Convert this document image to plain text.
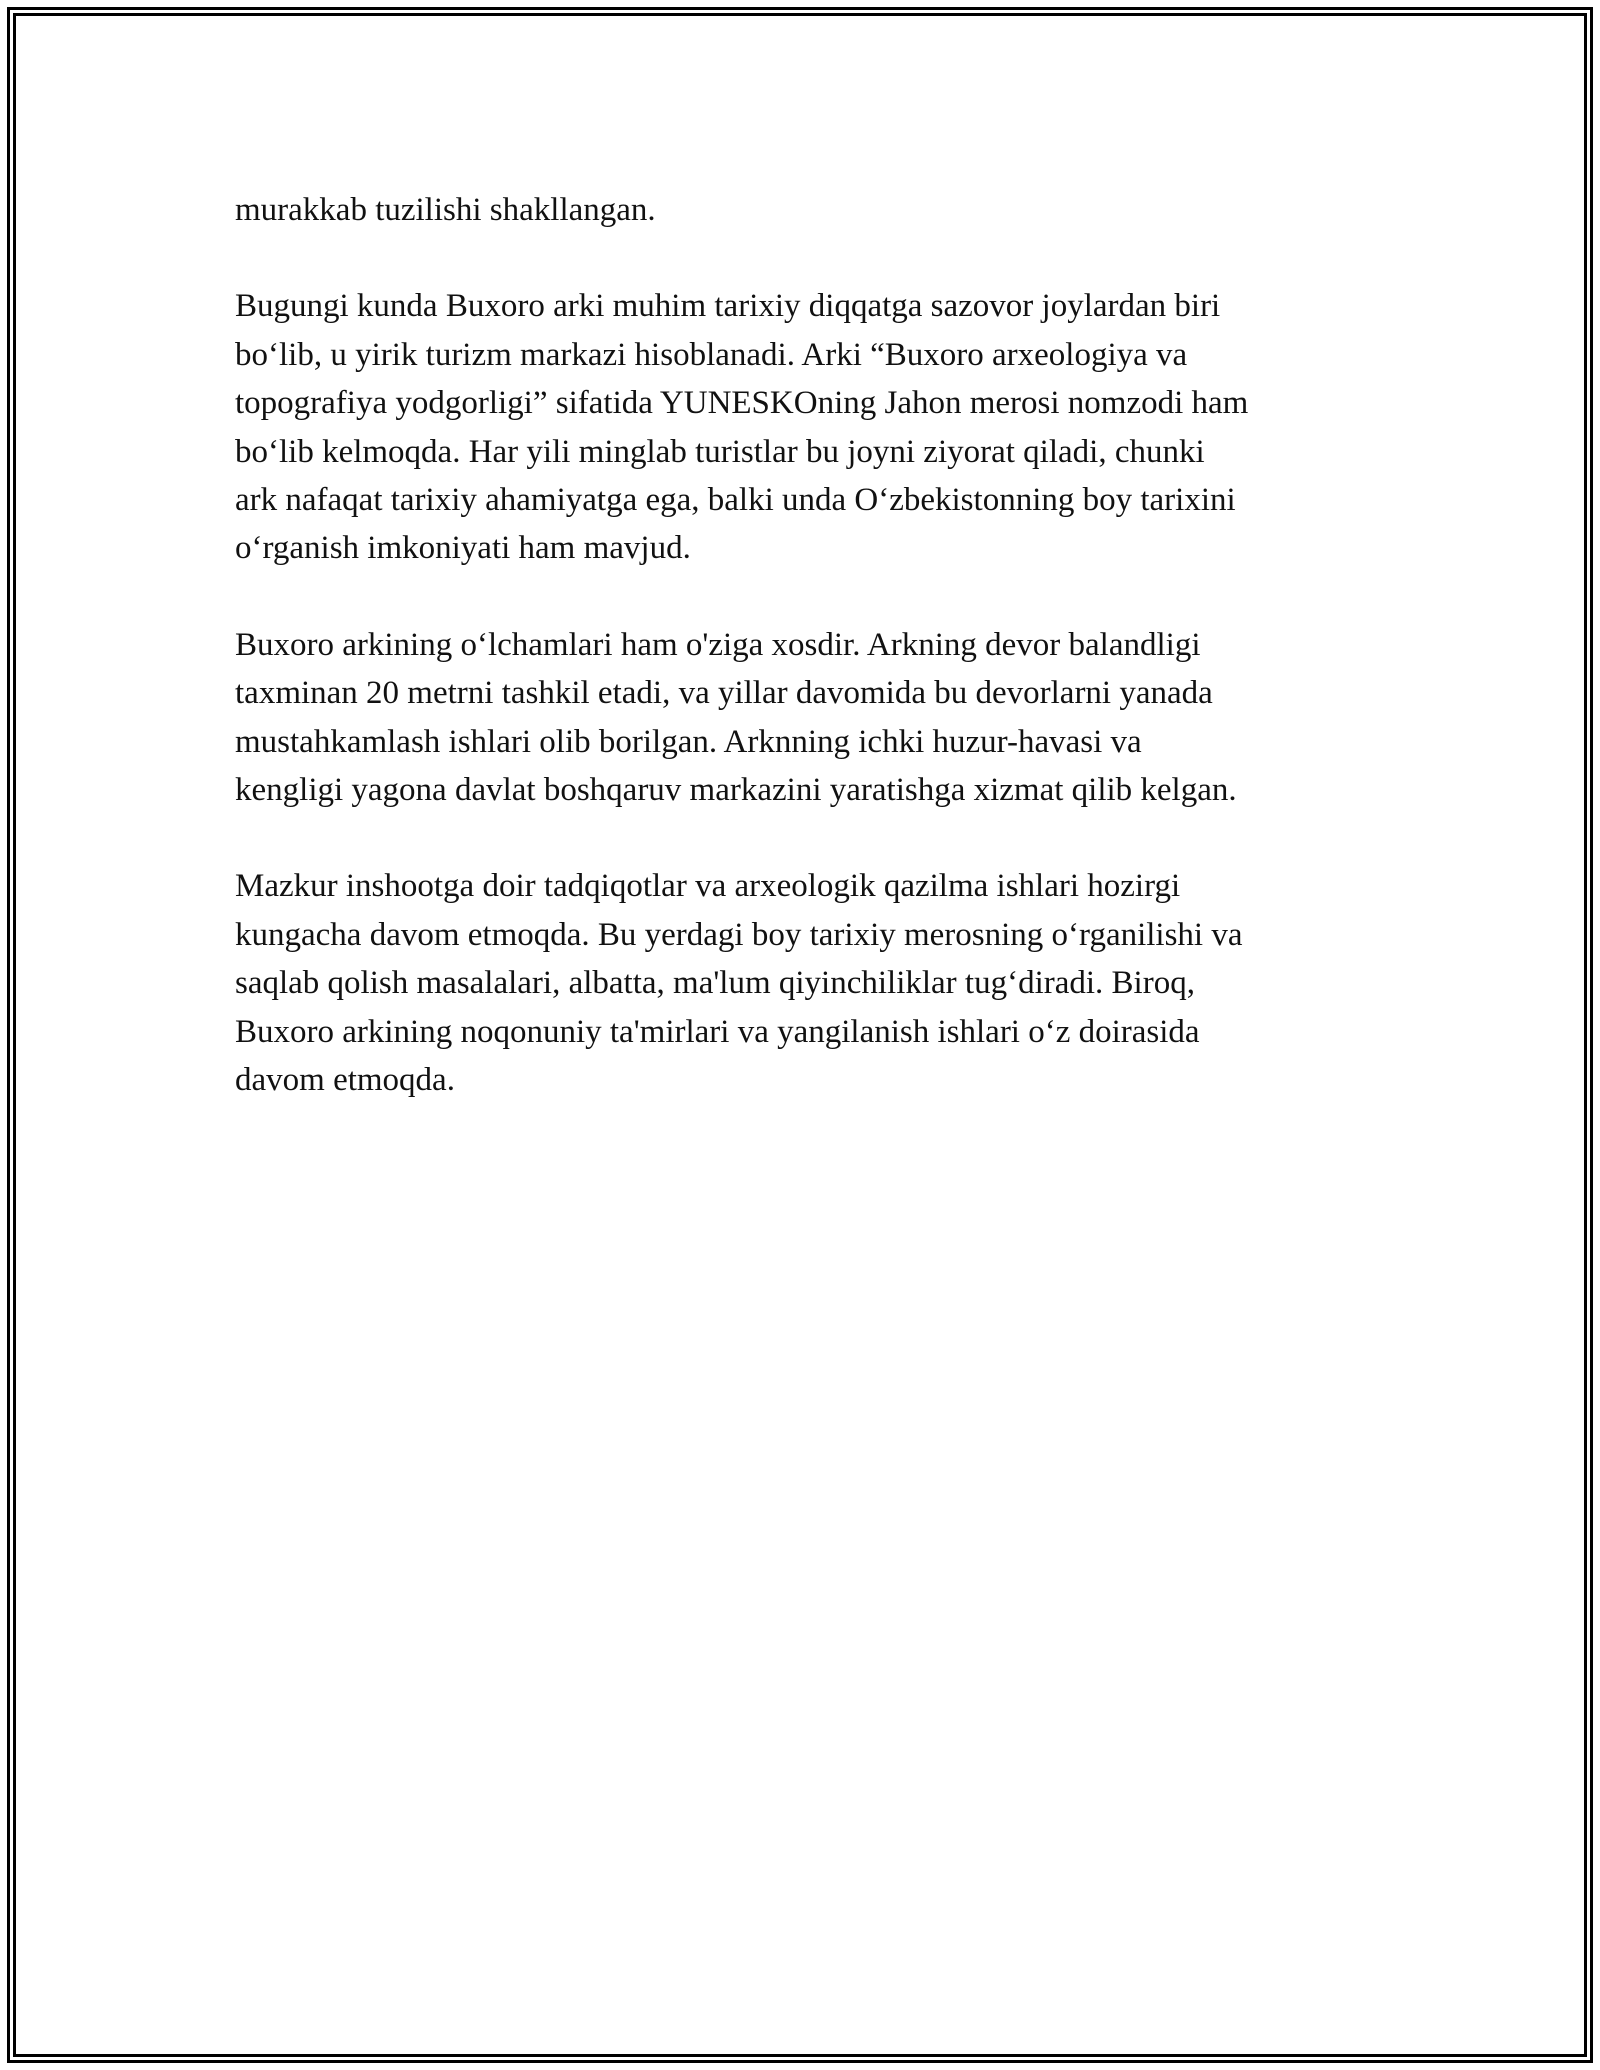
murakkab tuzilishi shakllangan.

Bugungi kunda Buxoro arki muhim tarixiy diqqatga sazovor joylardan biri
bo‘lib, u yirik turizm markazi hisoblanadi. Arki “Buxoro arxeologiya va
topografiya yodgorligi” sifatida YUNESKOning Jahon merosi nomzodi ham
bo‘lib kelmoqda. Har yili minglab turistlar bu joyni ziyorat qiladi, chunki
ark nafaqat tarixiy ahamiyatga ega, balki unda O‘zbekistonning boy tarixini
o‘rganish imkoniyati ham mavjud.

Buxoro arkining o‘lchamlari ham o'ziga xosdir. Arkning devor balandligi
taxminan 20 metrni tashkil etadi, va yillar davomida bu devorlarni yanada
mustahkamlash ishlari olib borilgan. Arknning ichki huzur-havasi va
kengligi yagona davlat boshqaruv markazini yaratishga xizmat qilib kelgan.

Mazkur inshootga doir tadqiqotlar va arxeologik qazilma ishlari hozirgi
kungacha davom etmoqda. Bu yerdagi boy tarixiy merosning o‘rganilishi va
saqlab qolish masalalari, albatta, ma'lum qiyinchiliklar tug‘diradi. Biroq,
Buxoro arkining noqonuniy ta'mirlari va yangilanish ishlari o‘z doirasida
davom etmoqda.
